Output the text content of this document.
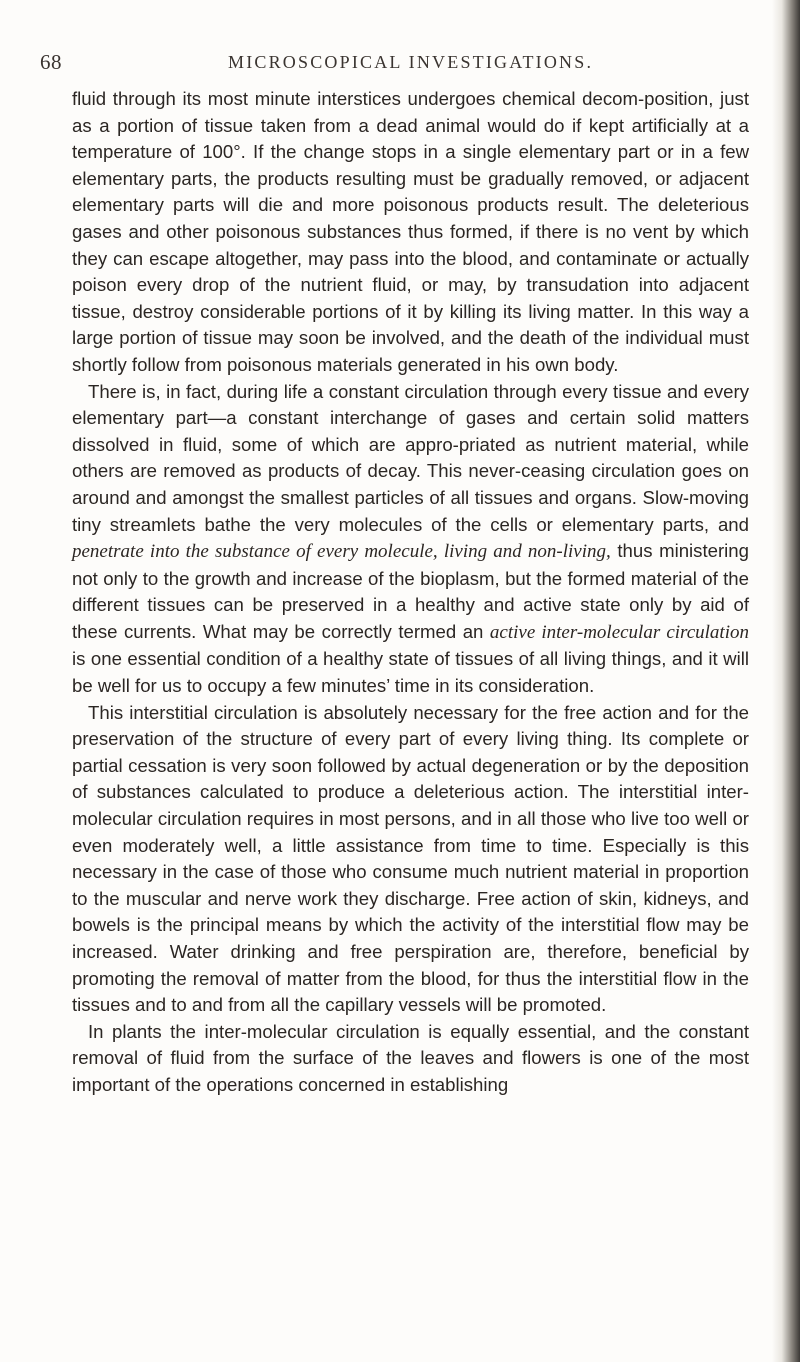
68	MICROSCOPICAL INVESTIGATIONS.

fluid through its most minute interstices undergoes chemical decom-position, just as a portion of tissue taken from a dead animal would do if kept artificially at a temperature of 100°. If the change stops in a single elementary part or in a few elementary parts, the products resulting must be gradually removed, or adjacent elementary parts will die and more poisonous products result. The deleterious gases and other poisonous substances thus formed, if there is no vent by which they can escape altogether, may pass into the blood, and contaminate or actually poison every drop of the nutrient fluid, or may, by transudation into adjacent tissue, destroy considerable portions of it by killing its living matter. In this way a large portion of tissue may soon be involved, and the death of the individual must shortly follow from poisonous materials generated in his own body.

There is, in fact, during life a constant circulation through every tissue and every elementary part—a constant interchange of gases and certain solid matters dissolved in fluid, some of which are appro-priated as nutrient material, while others are removed as products of decay. This never-ceasing circulation goes on around and amongst the smallest particles of all tissues and organs. Slow-moving tiny streamlets bathe the very molecules of the cells or elementary parts, and penetrate into the substance of every molecule, living and non-living, thus ministering not only to the growth and increase of the bioplasm, but the formed material of the different tissues can be preserved in a healthy and active state only by aid of these currents. What may be correctly termed an active inter-molecular circulation is one essential condition of a healthy state of tissues of all living things, and it will be well for us to occupy a few minutes’ time in its consideration.

This interstitial circulation is absolutely necessary for the free action and for the preservation of the structure of every part of every living thing. Its complete or partial cessation is very soon followed by actual degeneration or by the deposition of substances calculated to produce a deleterious action. The interstitial inter-molecular circulation requires in most persons, and in all those who live too well or even moderately well, a little assistance from time to time. Especially is this necessary in the case of those who consume much nutrient material in proportion to the muscular and nerve work they discharge. Free action of skin, kidneys, and bowels is the principal means by which the activity of the interstitial flow may be increased. Water drinking and free perspiration are, therefore, beneficial by promoting the removal of matter from the blood, for thus the interstitial flow in the tissues and to and from all the capillary vessels will be promoted.

In plants the inter-molecular circulation is equally essential, and the constant removal of fluid from the surface of the leaves and flowers is one of the most important of the operations concerned in establishing
